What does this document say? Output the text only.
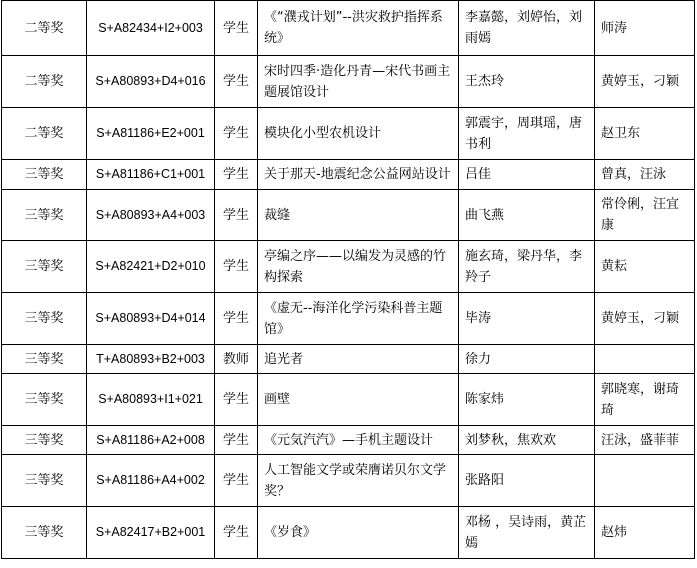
二等奖	S+A82434+I2+003	学生	《“濮戎计划”--洪灾救护指挥系统》	李嘉懿，刘婷怡，刘雨嫣	师涛
二等奖	S+A80893+D4+016	学生	宋时四季·造化丹青—宋代书画主题展馆设计	王杰玲	黄婷玉，刁颖
二等奖	S+A81186+E2+001	学生	模块化小型农机设计	郭震宇，周琪瑶，唐书利	赵卫东
三等奖	S+A81186+C1+001	学生	关于那天-地震纪念公益网站设计	吕佳	曾真，汪泳
三等奖	S+A80893+A4+003	学生	裁缝	曲飞燕	常伶俐，汪宜康
三等奖	S+A82421+D2+010	学生	亭编之序——以编发为灵感的竹构探索	施玄琦，梁丹华，李羚子	黄耘
三等奖	S+A80893+D4+014	学生	《虚无--海洋化学污染科普主题馆》	毕涛	黄婷玉，刁颖
三等奖	T+A80893+B2+003	教师	追光者	徐力	
三等奖	S+A80893+I1+021	学生	画壁	陈家炜	郭晓寒，谢琦琦
三等奖	S+A81186+A2+008	学生	《元気汽汽》—手机主题设计	刘梦秋，焦欢欢	汪泳，盛菲菲
三等奖	S+A81186+A4+002	学生	人工智能文学或荣膺诺贝尔文学奖？	张路阳	
三等奖	S+A82417+B2+001	学生	《岁食》	邓杨 ，吴诗雨，黄芷嫣	赵炜
